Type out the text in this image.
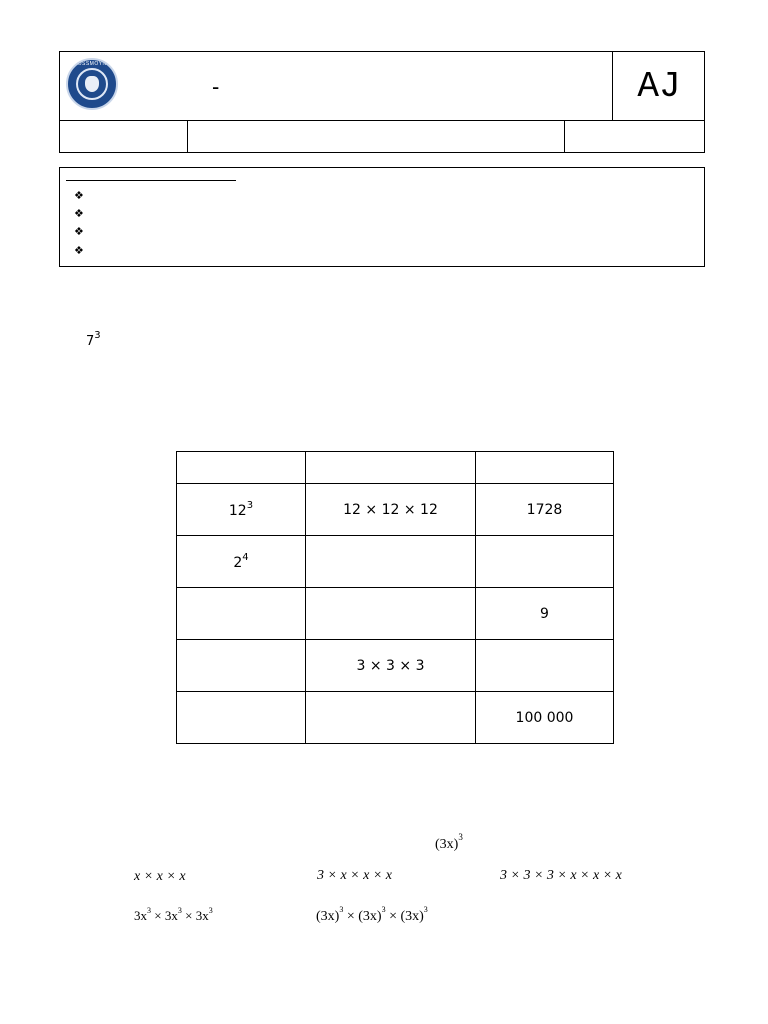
ROSSMOYNE
-	AJ
❖
❖
❖
❖
$7^3$

$12^3$	12 × 12 × 12	1728
$2^4$		
		9
	3 × 3 × 3	
		100 000
$(3x)^3$
x × x × x	3 × x × x × x	3 × 3 × 3 × x × x × x
$3x^3 \times 3x^3 \times 3x^3$	$(3x)^3 \times (3x)^3 \times (3x)^3$
